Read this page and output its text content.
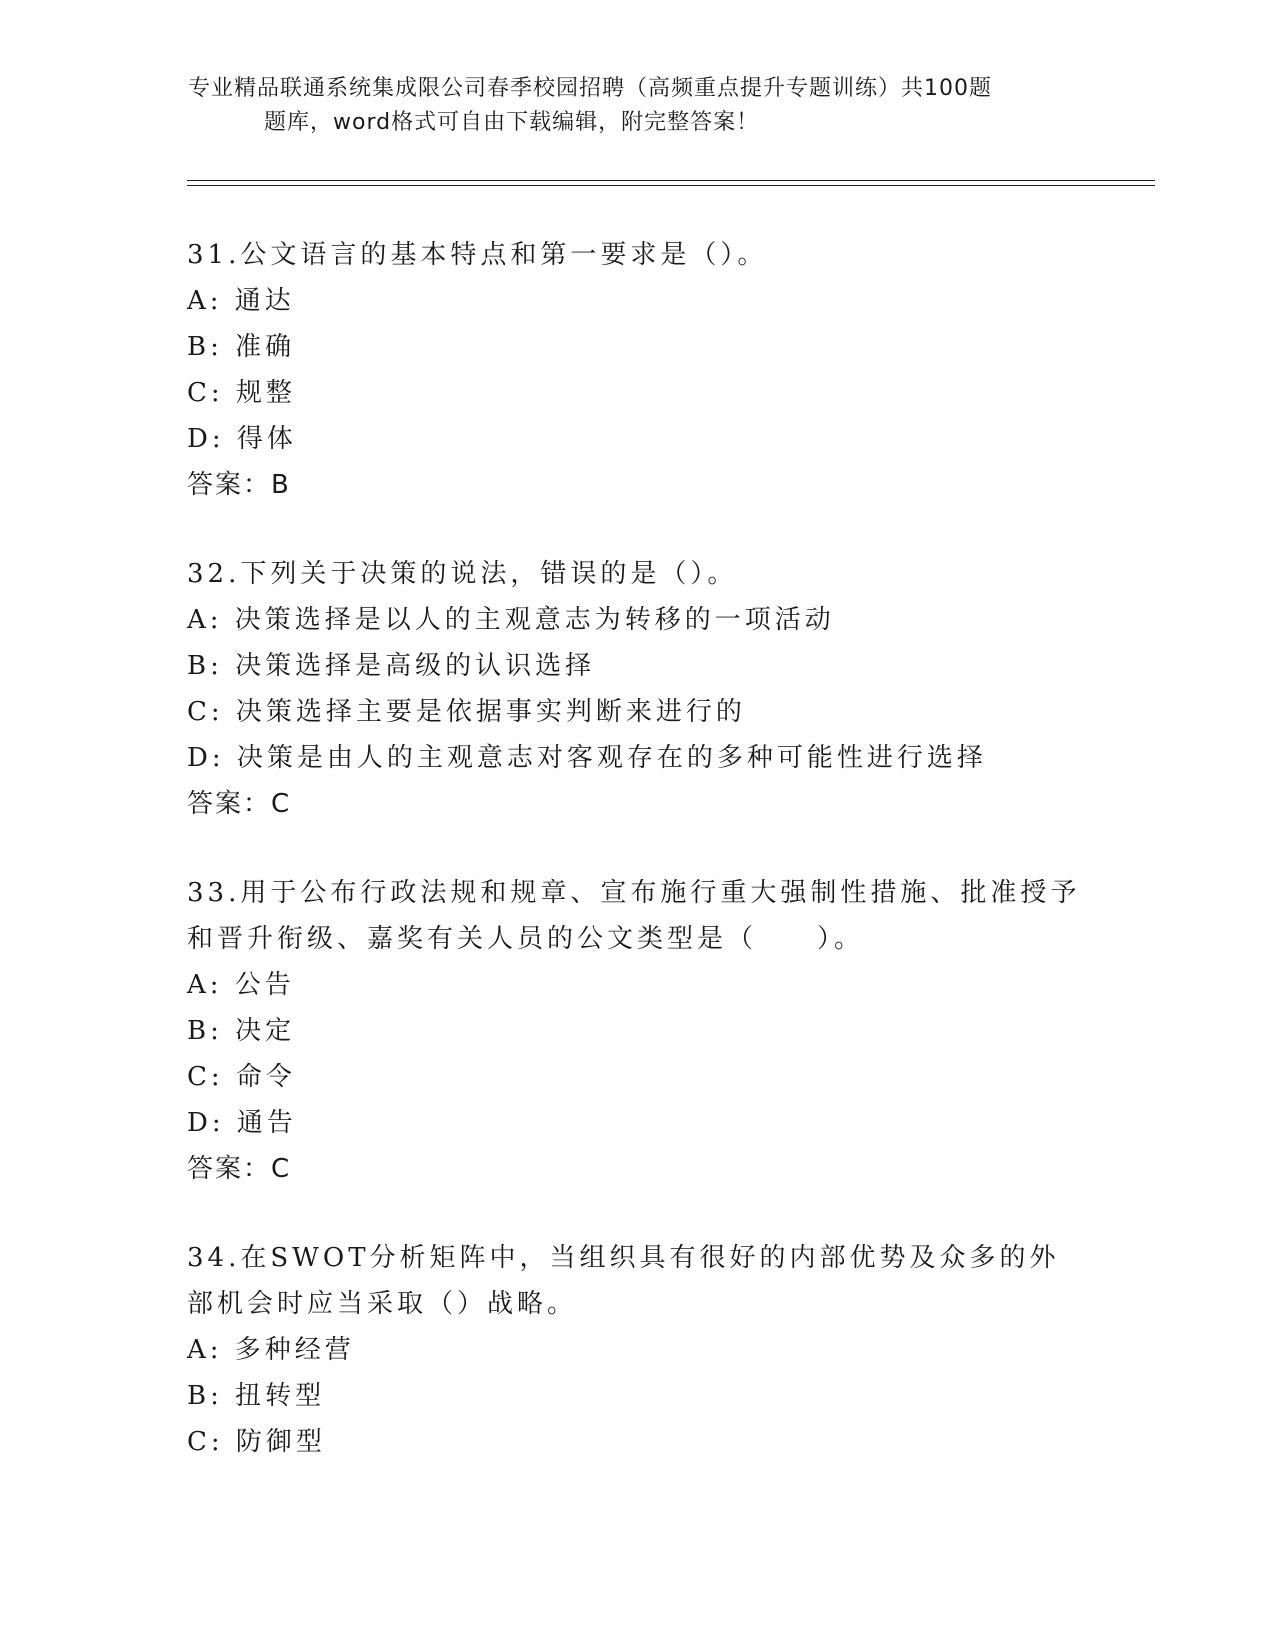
专业精品联通系统集成限公司春季校园招聘（高频重点提升专题训练）共100题
题库，word格式可自由下载编辑，附完整答案！
31.公文语言的基本特点和第一要求是（）。
A: 通达
B: 准确
C: 规整
D: 得体
答案：B
32.下列关于决策的说法，错误的是（）。
A: 决策选择是以人的主观意志为转移的一项活动
B: 决策选择是高级的认识选择
C: 决策选择主要是依据事实判断来进行的
D: 决策是由人的主观意志对客观存在的多种可能性进行选择
答案：C
33.用于公布行政法规和规章、宣布施行重大强制性措施、批准授予和晋升衔级、嘉奖有关人员的公文类型是（　　）。
A: 公告
B: 决定
C: 命令
D: 通告
答案：C
34.在SWOT分析矩阵中，当组织具有很好的内部优势及众多的外部机会时应当采取（）战略。
A: 多种经营
B: 扭转型
C: 防御型
